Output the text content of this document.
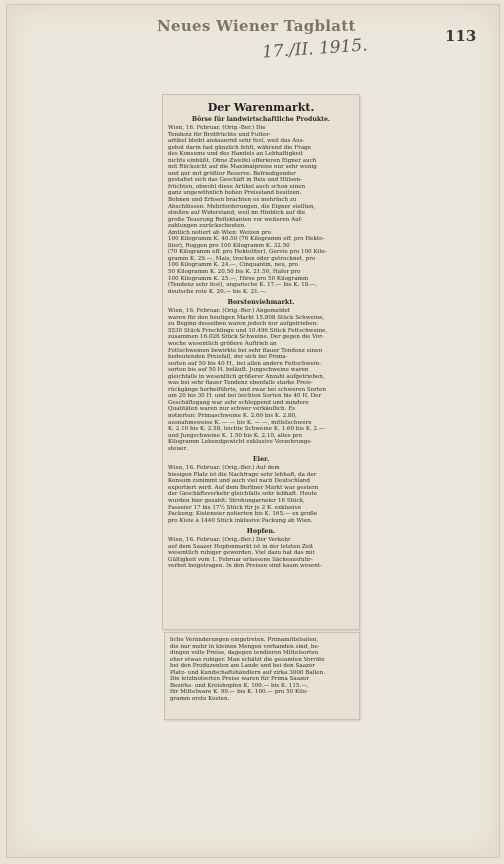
Neues Wiener Tagblatt
113
17./II. 1915.
Der Warenmarkt.
Börse für landwirtschaftliche Produkte.

Wien, 16. Februar. (Orig.-Ber.) Die

Tendenz für Brotfrüchte und Futter-

artikel bleibt andauernd sehr fest, weil das Aus-

gebot darin fast gänzlich fehlt, während die Frage

des Konsums und des Handels an Lebhaftigkeit

nichts einbüßt. Ohne Zweifel offerieren Eigner auch

mit Rücksicht auf die Maximalpreise nur sehr wenig

und nur mit größter Reserve. Befriedigender

gestaltet sich das Geschäft in Reis und Hülsen-

früchten, obwohl diese Artikel auch schon einen

ganz ungewöhnlich hohen Preisstand besitzen.

Bohnen und Erbsen brachten es mehrfach zu

Abschlüssen. Mehrforderungen, die Eigner stellten,

stießen auf Widerstand, weil im Hinblick auf die

große Teuerung Reflektanten vor weiteren Auf-

zahlungen zurückscheuten.

Amtlich notiert ab Wien: Weizen pro

100 Kilogramm K. 40.50 (76 Kilogramm eff. pro Hekto-

liter), Roggen pro 100 Kilogramm K. 32.50

(70 Kilogramm eff. pro Hektoliter), Gerste pro 100 Kilo-

gramm K. 29.—, Mais, trocken oder getrocknet, pro

100 Kilogramm K. 24.—, Cinquantin, neu, pro

50 Kilogramm K. 20.50 bis K. 21.50, Hafer pro

100 Kilogramm K. 25.—, Hirse pro 50 Kilogramm

(Tendenz sehr fest), ungarische K. 17.— bis K. 18.—,

deutsche rote K. 20.— bis K. 21.—.

Borstenviehmarkt.

Wien, 16. Februar. (Orig.-Ber.) Angemeldet

waren für den heutigen Markt 15.808 Stück Schweine,

zu Beginn desselben waren jedoch nur aufgetrieben:

5530 Stück Frischlinge und 10.496 Stück Fettschweine,

zusammen 16.026 Stück Schweine. Der gegen die Vor-

woche wesentlich größere Auftrieb an

Fettschweinen bewirkte bei sehr flauer Tendenz einen

bedeutenden Preisfall, der sich bei Prima-

sorten auf 50 bis 40 H., bei allen andern Fettschwein-

sorten bis auf 50 H. beläuft. Jungschweine waren

gleichfalls in wesentlich größerer Anzahl aufgetrieben,

was bei sehr flauer Tendenz ebenfalls starke Preis-

rückgänge herbeiführte, und zwar bei schweren Sorten

um 20 bis 30 H. und bei leichten Sorten bis 40 H. Der

Geschäftsgang war sehr schleppend und mindere

Qualitäten waren nur schwer verkäuflich. Es

notierten: Primaschweine K. 2.60 bis K. 2.80,

ausnahmsweise K. — — bis K. — —, mittelschwere

K. 2.10 bis K. 2.58, leichte Schweine K. 1.60 bis K. 2.—

und Jungschweine K. 1.50 bis K. 2.10, alles pro

Kilogramm Lebendgewicht exklusive Verzehrungs-

steuer.

Eier.

Wien, 16. Februar. (Orig.-Ber.) Auf dem

hiesigen Platz ist die Nachfrage sehr lebhaft, da der

Konsum zunimmt und auch viel nach Deutschland

exportiert wird. Auf dem Berliner Markt war gestern

der Geschäftsverkehr gleichfalls sehr lebhaft. Heute

wurden hier gezahlt: Strohungarneier 16 Stück,

Fasseier 17 bis 17½ Stück für je 2 K. exklusive

Packung; Kisteneier notierten bis K. 165.— ex große

pro Kiste à 1440 Stück inklusive Packung ab Wien.

Hopfen.

Wien, 16. Februar. (Orig.-Ber.) Der Verkehr

auf dem Saazer Hopfenmarkt ist in der letzten Zeit

wesentlich ruhiger geworden. Viel dazu hat das mit

Gültigkeit vom 1. Februar erlassene Säckeausfuhr-

verbot beigetragen. In den Preisen sind kaum wesent-

liche Veränderungen eingetreten. Primamittelsaten,

die nur mehr in kleinen Mengen vorhanden sind, be-

dingen volle Preise, dagegen tendieren Mittelsorten

eher etwas ruhiger. Man schätzt die gesamten Vorräte

bei den Produzenten am Lande und bei den Saazer

Platz- und Kundschaftshändlern auf zirka 3000 Ballen.

Die letztnotierten Preise waren für Prima Saazer

Bezirks- und Kreishopfen K. 100.— bis K. 115.—,

für Mittelware K. 90.— bis K. 100.— pro 50 Kilo-

gramm erste Kosten.
